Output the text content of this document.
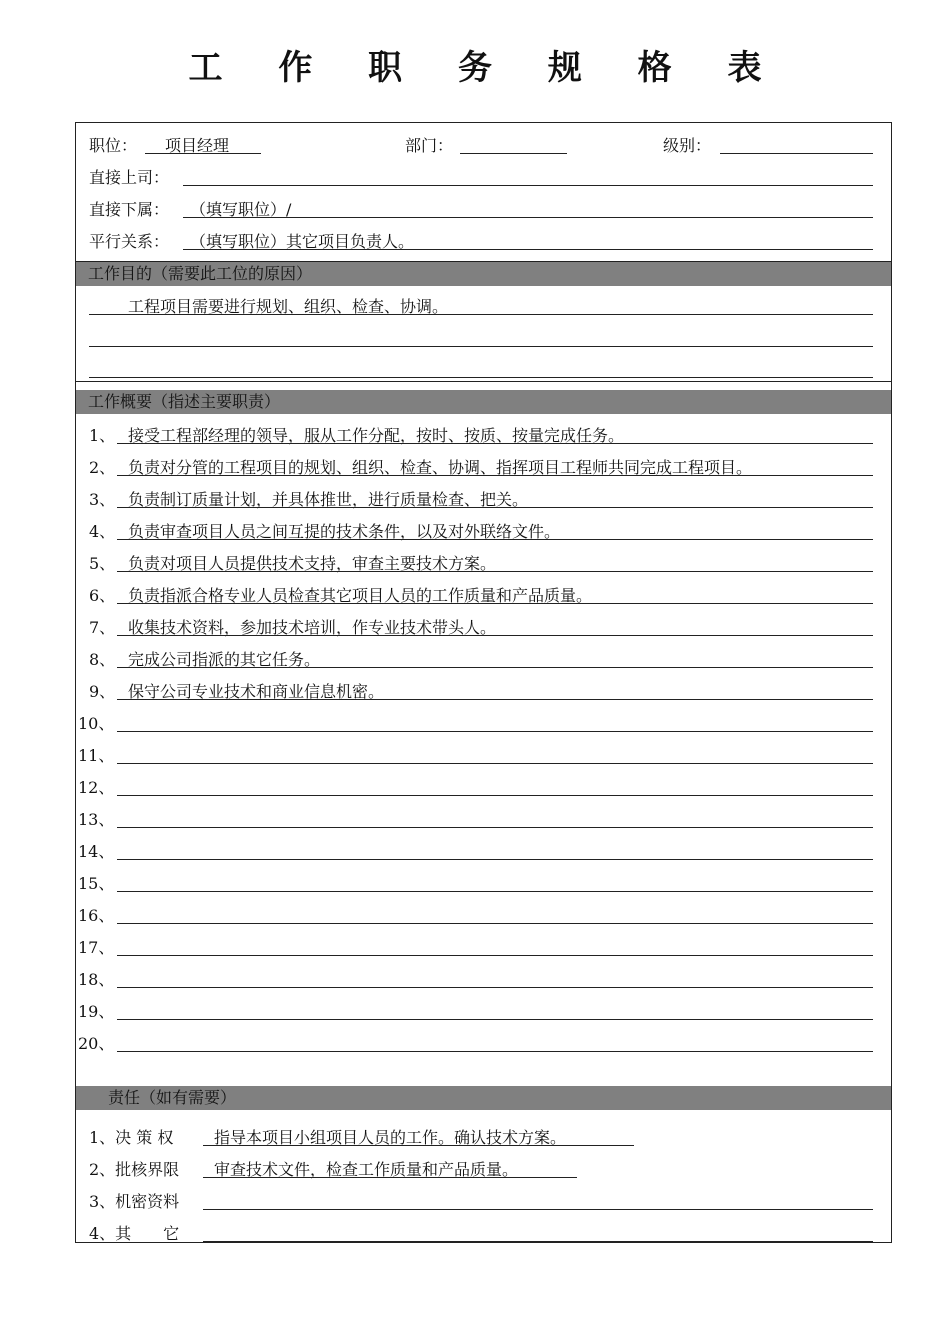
工 作 职 务 规 格 表
职位： 项目经理	部门：	级别：
直接上司：
直接下属： （填写职位）/
平行关系： （填写职位）其它项目负责人。
工作目的（需要此工位的原因）
工程项目需要进行规划、组织、检查、协调。
工作概要（指述主要职责）
1、 接受工程部经理的领导，服从工作分配，按时、按质、按量完成任务。
2、 负责对分管的工程项目的规划、组织、检查、协调、指挥项目工程师共同完成工程项目。
3、 负责制订质量计划，并具体推世，进行质量检查、把关。
4、 负责审查项目人员之间互提的技术条件，以及对外联络文件。
5、 负责对项目人员提供技术支持，审查主要技术方案。
6、 负责指派合格专业人员检查其它项目人员的工作质量和产品质量。
7、 收集技术资料，参加技术培训，作专业技术带头人。
8、 完成公司指派的其它任务。
9、 保守公司专业技术和商业信息机密。
10、
11、
12、
13、
14、
15、
16、
17、
18、
19、
20、
责任（如有需要）
1、决 策 权	指导本项目小组项目人员的工作。确认技术方案。
2、批核界限 审查技术文件，检查工作质量和产品质量。
3、机密资料
4、其　　它
